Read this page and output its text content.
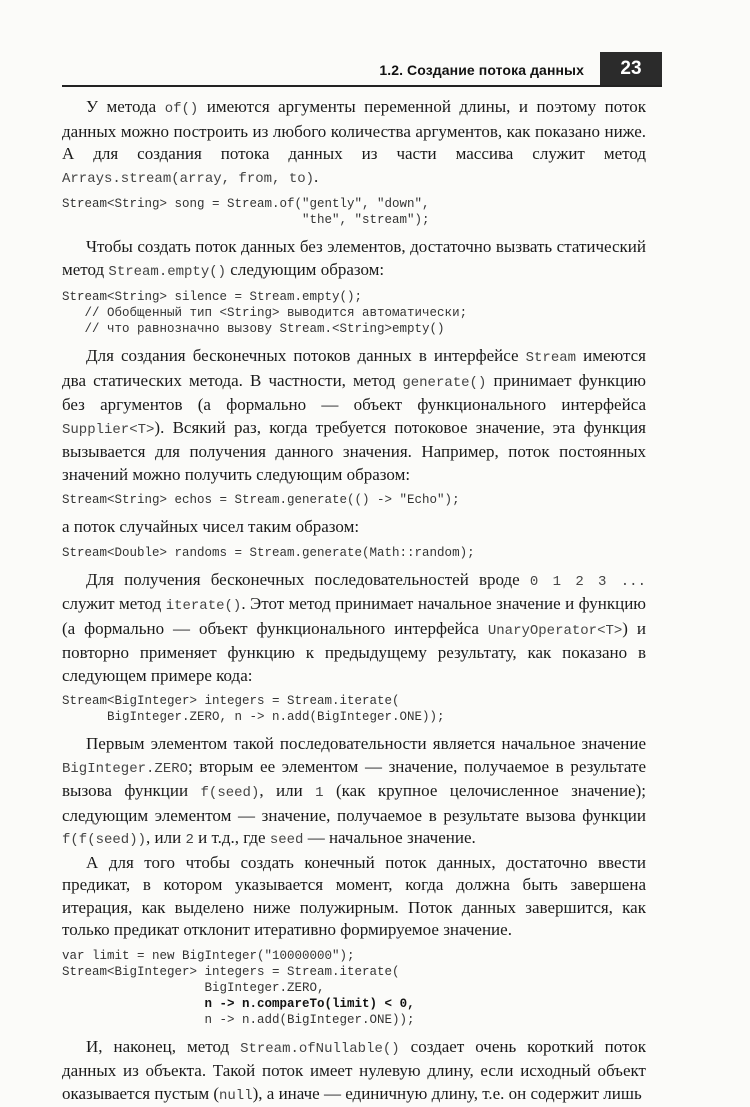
1.2. Создание потока данных	23

У метода of() имеются аргументы переменной длины, и поэтому поток данных можно построить из любого количества аргументов, как показано ниже. А для создания потока данных из части массива служит метод Arrays.stream(array, from, to).

Stream<String> song = Stream.of("gently", "down",
"the", "stream");

Чтобы создать поток данных без элементов, достаточно вызвать статический метод Stream.empty() следующим образом:

Stream<String> silence = Stream.empty();
// Обобщенный тип <String> выводится автоматически;
// что равнозначно вызову Stream.<String>empty()

Для создания бесконечных потоков данных в интерфейсе Stream имеются два статических метода. В частности, метод generate() принимает функцию без аргументов (а формально — объект функционального интерфейса Supplier<T>). Всякий раз, когда требуется потоковое значение, эта функция вызывается для получения данного значения. Например, поток постоянных значений можно получить следующим образом:

Stream<String> echos = Stream.generate(() -> "Echo");

а поток случайных чисел таким образом:

Stream<Double> randoms = Stream.generate(Math::random);

Для получения бесконечных последовательностей вроде 0 1 2 3 ... служит метод iterate(). Этот метод принимает начальное значение и функцию (а формально — объект функционального интерфейса UnaryOperator<T>) и повторно применяет функцию к предыдущему результату, как показано в следующем примере кода:

Stream<BigInteger> integers = Stream.iterate(
BigInteger.ZERO, n -> n.add(BigInteger.ONE));

Первым элементом такой последовательности является начальное значение BigInteger.ZERO; вторым ее элементом — значение, получаемое в результате вызова функции f(seed), или 1 (как крупное целочисленное значение); следующим элементом — значение, получаемое в результате вызова функции f(f(seed)), или 2 и т.д., где seed — начальное значение.

А для того чтобы создать конечный поток данных, достаточно ввести предикат, в котором указывается момент, когда должна быть завершена итерация, как выделено ниже полужирным. Поток данных завершится, как только предикат отклонит итеративно формируемое значение.

var limit = new BigInteger("10000000");
Stream<BigInteger> integers = Stream.iterate(
BigInteger.ZERO,
n -> n.compareTo(limit) < 0,
n -> n.add(BigInteger.ONE));

И, наконец, метод Stream.ofNullable() создает очень короткий поток данных из объекта. Такой поток имеет нулевую длину, если исходный объект оказывается пустым (null), а иначе — единичную длину, т.е. он содержит лишь
